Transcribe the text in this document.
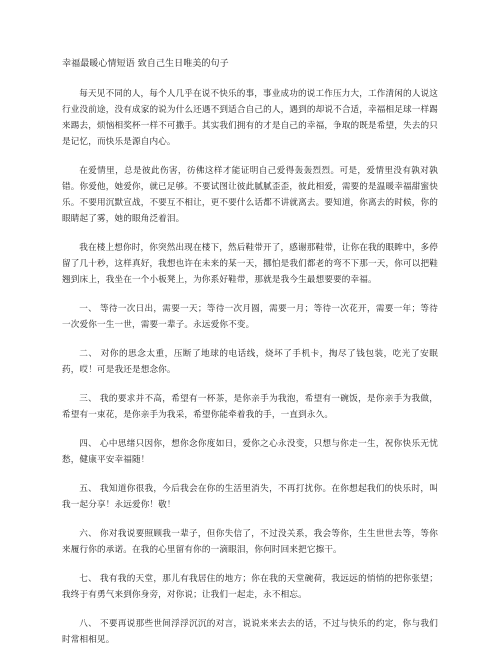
幸福最暖心情短语 致自己生日唯美的句子

每天见不同的人，每个人几乎在说不快乐的事，事业成功的说工作压力大，工作清闲的人说这行业没前途，没有成家的说为什么还遇不到适合自己的人，遇到的却说不合适，幸福相足球一样踢来踢去，烦恼相奖杯一样不可撒手。其实我们拥有的才是自己的幸福，争取的既是希望，失去的只是记忆，而快乐是源自内心。

在爱情里，总是彼此伤害，彷佛这样才能证明自己爱得轰轰烈烈。可是，爱情里没有孰对孰错。你爱他，她爱你，就已足够。不要试图让彼此腻腻歪歪，彼此相爱，需要的是温暖幸福甜蜜快乐。不要用沉默宣战，不要互不相让，更不要什么话都不讲就离去。要知道，你离去的时候，你的眼睛起了雾，她的眼角泛着泪。

我在楼上想你时，你突然出现在楼下，然后鞋带开了，感谢那鞋带，让你在我的眼眸中，多停留了几十秒，这样真好，我想也许在未来的某一天，挪怕是我们都老的弯不下那一天，你可以把鞋翘到床上，我坐在一个小板凳上，为你系好鞋带，那就是我今生最想要要的幸福。

一、 等待一次日出，需要一天；等待一次月圆，需要一月；等待一次花开，需要一年；等待一次爱你一生一世，需要一辈子。永远爱你不变。

二、 对你的思念太重，压断了地球的电话线，烧坏了手机卡，掏尽了钱包装，吃光了安眠药，哎！可是我还是想念你。

三、 我的要求并不高，希望有一杯茶，是你亲手为我泡，希望有一碗饭，是你亲手为我做，希望有一束花，是你亲手为我采，希望你能牵着我的手，一直到永久。

四、 心中思绪只因你，想你念你度如日，爱你之心永没变，只想与你走一生，祝你快乐无忧愁，健康平安幸福随！

五、 我知道你很我，今后我会在你的生活里消失，不再打扰你。在你想起我们的快乐时，叫我一起分享！永远爱你！敬！

六、 你对我说要照顾我一辈子，但你失信了，不过没关系，我会等你，生生世世去等，等你来履行你的承诺。在我的心里留有你的一滴眼泪，你何时回来把它擦干。

七、 我有我的天堂，那儿有我居住的地方；你在我的天堂碗荷，我远远的悄悄的把你张望；我终于有勇气来到你身旁，对你说；让我们一起走，永不相忘。

八、 不要再说那些世间浮浮沉沉的对言，说说来来去去的话，不过与快乐的约定，你与我们时常相相见。
